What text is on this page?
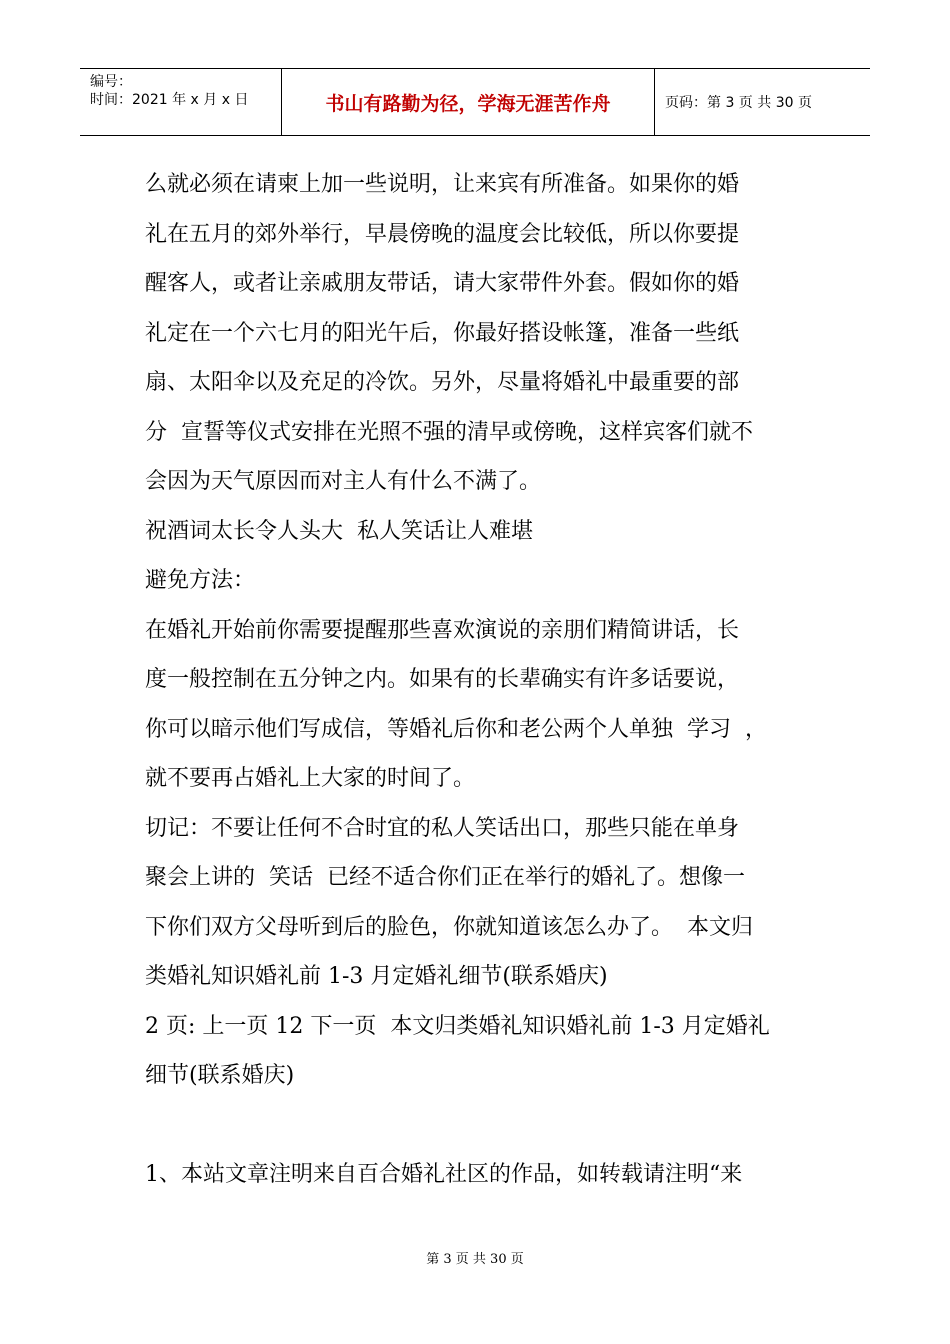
编号：
时间：2021 年 x 月 x 日	书山有路勤为径，学海无涯苦作舟	页码：第 3 页 共 30 页

么就必须在请柬上加一些说明，让来宾有所准备。如果你的婚

礼在五月的郊外举行，早晨傍晚的温度会比较低，所以你要提

醒客人，或者让亲戚朋友带话，请大家带件外套。假如你的婚

礼定在一个六七月的阳光午后，你最好搭设帐篷，准备一些纸

扇、太阳伞以及充足的冷饮。另外，尽量将婚礼中最重要的部

分  宣誓等仪式安排在光照不强的清早或傍晚，这样宾客们就不

会因为天气原因而对主人有什么不满了。

祝酒词太长令人头大  私人笑话让人难堪

避免方法：

在婚礼开始前你需要提醒那些喜欢演说的亲朋们精简讲话，长

度一般控制在五分钟之内。如果有的长辈确实有许多话要说，

你可以暗示他们写成信，等婚礼后你和老公两个人单独  学习  ，

就不要再占婚礼上大家的时间了。

切记：不要让任何不合时宜的私人笑话出口，那些只能在单身

聚会上讲的  笑话  已经不适合你们正在举行的婚礼了。想像一

下你们双方父母听到后的脸色，你就知道该怎么办了。  本文归

类婚礼知识婚礼前 1-3 月定婚礼细节(联系婚庆)

2 页: 上一页 12 下一页  本文归类婚礼知识婚礼前 1-3 月定婚礼

细节(联系婚庆)

1、本站文章注明来自百合婚礼社区的作品，如转载请注明“来

第 3 页 共 30 页
